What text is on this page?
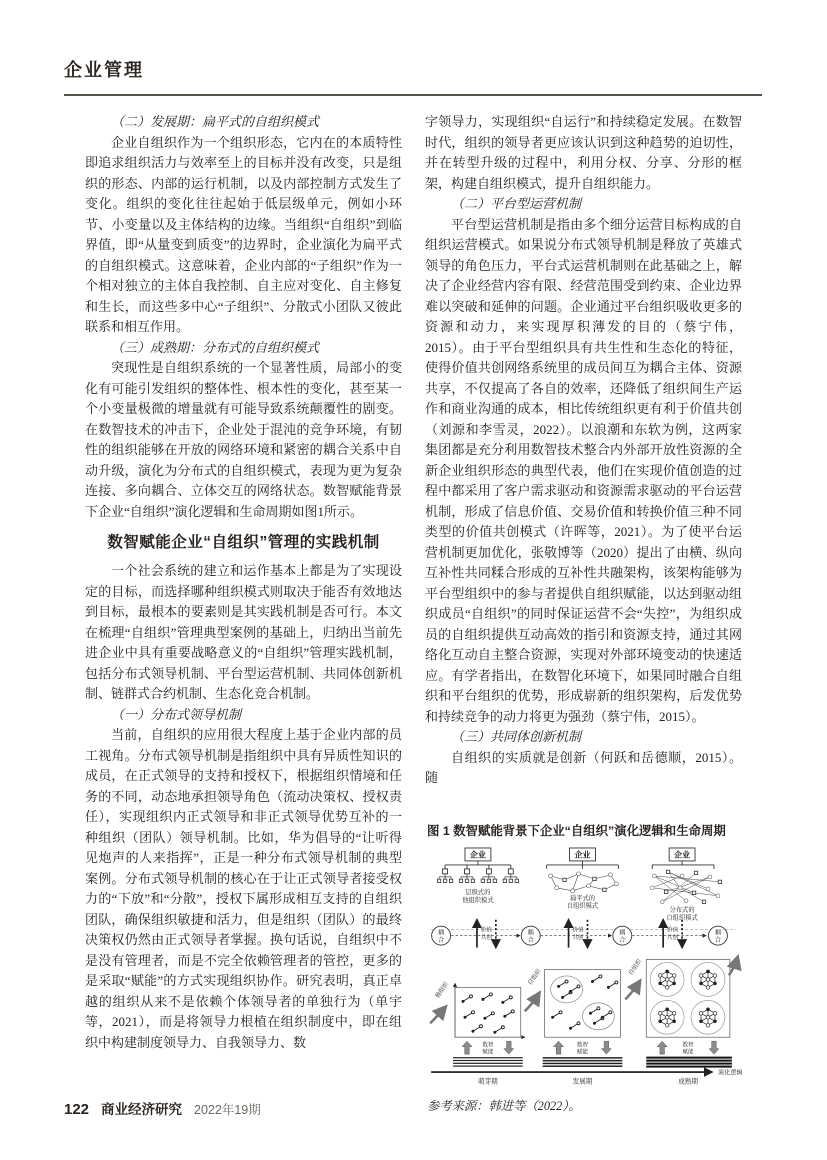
企业管理
（二）发展期：扁平式的自组织模式

企业自组织作为一个组织形态，它内在的本质特性即追求组织活力与效率至上的目标并没有改变，只是组织的形态、内部的运行机制，以及内部控制方式发生了变化。组织的变化往往起始于低层级单元，例如小环节、小变量以及主体结构的边缘。当组织“自组织”到临界值，即“从量变到质变”的边界时，企业演化为扁平式的自组织模式。这意味着，企业内部的“子组织”作为一个相对独立的主体自我控制、自主应对变化、自主修复和生长，而这些多中心“子组织”、分散式小团队又彼此联系和相互作用。

（三）成熟期：分布式的自组织模式

突现性是自组织系统的一个显著性质，局部小的变化有可能引发组织的整体性、根本性的变化，甚至某一个小变量极微的增量就有可能导致系统颠覆性的剧变。在数智技术的冲击下，企业处于混沌的竞争环境，有韧性的组织能够在开放的网络环境和紧密的耦合关系中自动升级，演化为分布式的自组织模式，表现为更为复杂连接、多向耦合、立体交互的网络状态。数智赋能背景下企业“自组织”演化逻辑和生命周期如图1所示。

数智赋能企业“自组织”管理的实践机制

一个社会系统的建立和运作基本上都是为了实现设定的目标，而选择哪种组织模式则取决于能否有效地达到目标，最根本的要素则是其实践机制是否可行。本文在梳理“自组织”管理典型案例的基础上，归纳出当前先进企业中具有重要战略意义的“自组织”管理实践机制，包括分布式领导机制、平台型运营机制、共同体创新机制、链群式合约机制、生态化竞合机制。

（一）分布式领导机制

当前，自组织的应用很大程度上基于企业内部的员工视角。分布式领导机制是指组织中具有异质性知识的成员，在正式领导的支持和授权下，根据组织情境和任务的不同，动态地承担领导角色（流动决策权、授权责任），实现组织内正式领导和非正式领导优势互补的一种组织（团队）领导机制。比如，华为倡导的“让听得见炮声的人来指挥”，正是一种分布式领导机制的典型案例。分布式领导机制的核心在于让正式领导者接受权力的“下放”和“分散”，授权下属形成相互支持的自组织团队，确保组织敏捷和活力，但是组织（团队）的最终决策权仍然由正式领导者掌握。换句话说，自组织中不是没有管理者，而是不完全依赖管理者的管控，更多的是采取“赋能”的方式实现组织协作。研究表明，真正卓越的组织从来不是依赖个体领导者的单独行为（单宇等，2021），而是将领导力根植在组织制度中，即在组织中构建制度领导力、自我领导力、数

字领导力，实现组织“自运行”和持续稳定发展。在数智时代，组织的领导者更应该认识到这种趋势的迫切性，并在转型升级的过程中，利用分权、分享、分形的框架，构建自组织模式，提升自组织能力。

（二）平台型运营机制

平台型运营机制是指由多个细分运营目标构成的自组织运营模式。如果说分布式领导机制是释放了英雄式领导的角色压力，平台式运营机制则在此基础之上，解决了企业经营内容有限、经营范围受到约束、企业边界难以突破和延伸的问题。企业通过平台组织吸收更多的资源和动力，来实现厚积薄发的目的（蔡宁伟，2015）。由于平台型组织具有共生性和生态化的特征，使得价值共创网络系统里的成员间互为耦合主体、资源共享，不仅提高了各自的效率，还降低了组织间生产运作和商业沟通的成本，相比传统组织更有利于价值共创（刘源和李雪灵，2022）。以浪潮和东软为例，这两家集团都是充分利用数智技术整合内外部开放性资源的全新企业组织形态的典型代表，他们在实现价值创造的过程中都采用了客户需求驱动和资源需求驱动的平台运营机制，形成了信息价值、交易价值和转换价值三种不同类型的价值共创模式（许晖等，2021）。为了使平台运营机制更加优化，张敬博等（2020）提出了由横、纵向互补性共同糅合形成的互补性共融架构，该架构能够为平台型组织中的参与者提供自组织赋能，以达到驱动组织成员“自组织”的同时保证运营不会“失控”，为组织成员的自组织提供互动高效的指引和资源支持，通过其网络化互动自主整合资源，实现对外部环境变动的快速适应。有学者指出，在数智化环境下，如果同时融合自组织和平台组织的优势，形成崭新的组织架构，后发优势和持续竞争的动力将更为强劲（蔡宁伟，2015）。

（三）共同体创新机制

自组织的实质就是创新（何跃和岳德顺，2015）。随

图 1 数智赋能背景下企业“自组织”演化逻辑和生命周期
企业
层级式的
他组织模式
企业
扁平式的
自组织模式
企业
分布式的
自组织模式
耦
合
耦
合
耦
合
耦
合
价值
共创
价值
共创
价值
共创
他组织
自组织
自组织
数智
赋能
数智
赋能
数智
赋能
演化逻辑
萌芽期	发展期	成熟期
参考来源：韩进等（2022）。
122 商业经济研究 2022年19期
